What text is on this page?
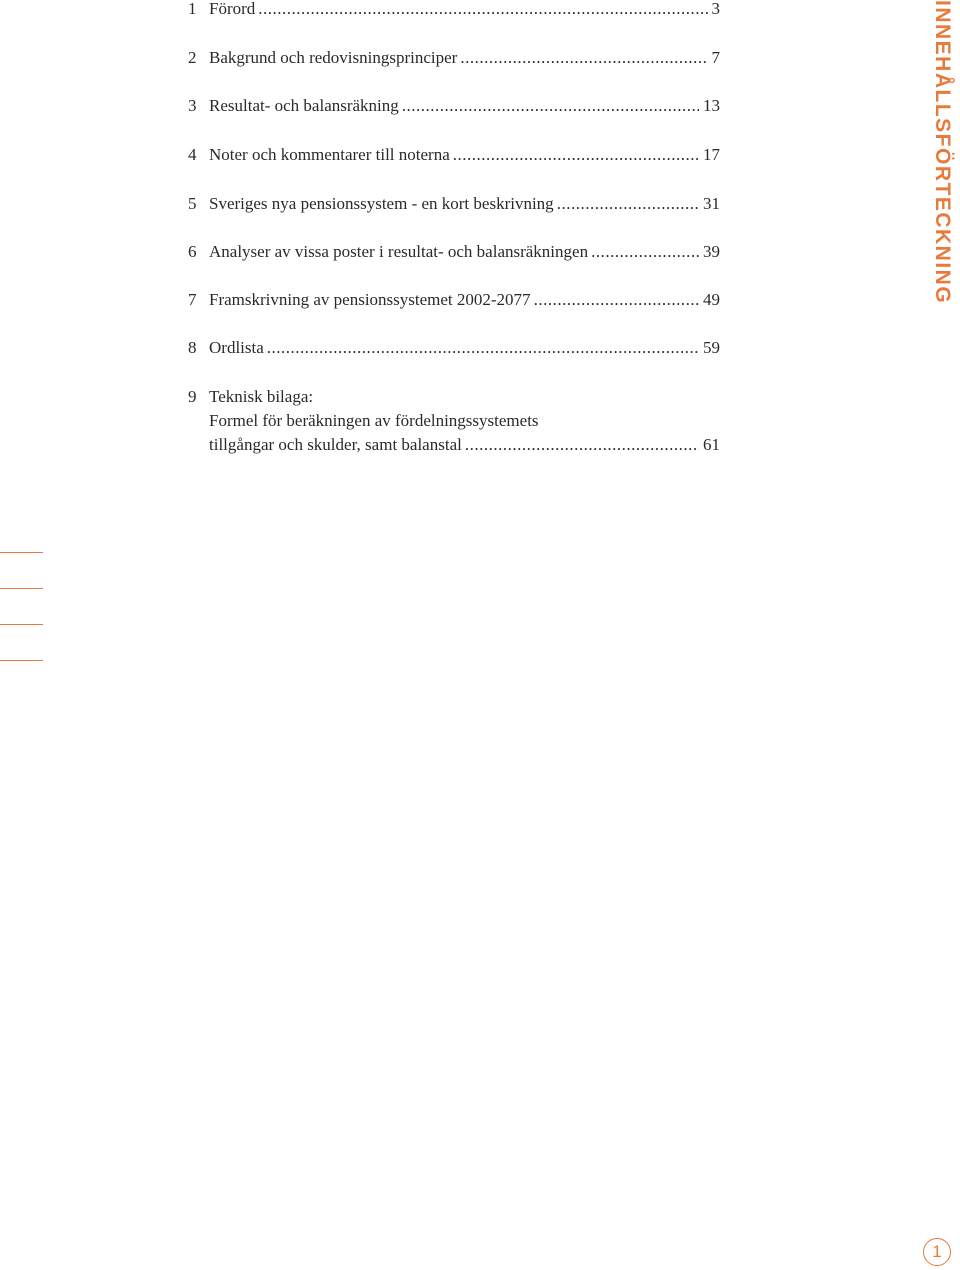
1 Förord .....	3
2 Bakgrund och redovisningsprinciper .....	7
3 Resultat- och balansräkning .....	13
4 Noter och kommentarer till noterna .....	17
5 Sveriges nya pensionssystem - en kort beskrivning .....	31
6 Analyser av vissa poster i resultat- och balansräkningen .....	39
7 Framskrivning av pensionssystemet 2002-2077 .....	49
8 Ordlista .....	59
9 Teknisk bilaga:
Formel för beräkningen av fördelningssystemets
tillgångar och skulder, samt balanstal .....	61
INNEHÅLLSFÖRTECKNING
1
